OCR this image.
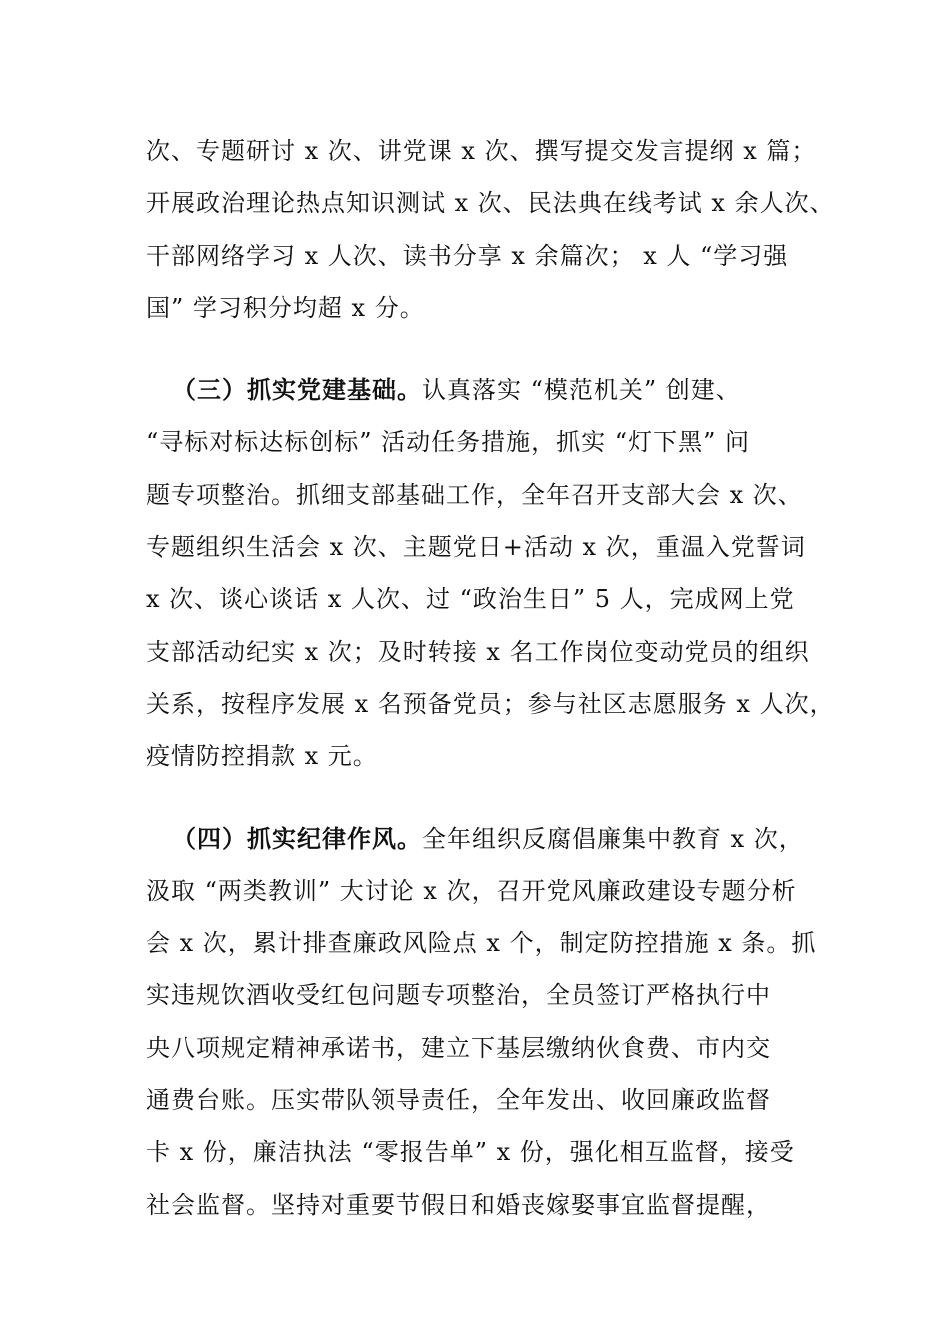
次、专题研讨 x 次、讲党课 x 次、撰写提交发言提纲 x 篇；
开展政治理论热点知识测试 x 次、民法典在线考试 x 余人次、
干部网络学习 x 人次、读书分享 x 余篇次； x 人 “学习强
国” 学习积分均超 x 分。
（三）抓实党建基础。认真落实 “模范机关” 创建、
“寻标对标达标创标” 活动任务措施，抓实 “灯下黑” 问
题专项整治。抓细支部基础工作，全年召开支部大会 x 次、
专题组织生活会 x 次、主题党日+活动 x 次，重温入党誓词
x 次、谈心谈话 x 人次、过 “政治生日” 5 人，完成网上党
支部活动纪实 x 次；及时转接 x 名工作岗位变动党员的组织
关系，按程序发展 x 名预备党员；参与社区志愿服务 x 人次，
疫情防控捐款 x 元。
（四）抓实纪律作风。全年组织反腐倡廉集中教育 x 次，
汲取 “两类教训” 大讨论 x 次，召开党风廉政建设专题分析
会 x 次，累计排查廉政风险点 x 个，制定防控措施 x 条。抓
实违规饮酒收受红包问题专项整治，全员签订严格执行中
央八项规定精神承诺书，建立下基层缴纳伙食费、市内交
通费台账。压实带队领导责任，全年发出、收回廉政监督
卡 x 份，廉洁执法 “零报告单” x 份，强化相互监督，接受
社会监督。坚持对重要节假日和婚丧嫁娶事宜监督提醒，
